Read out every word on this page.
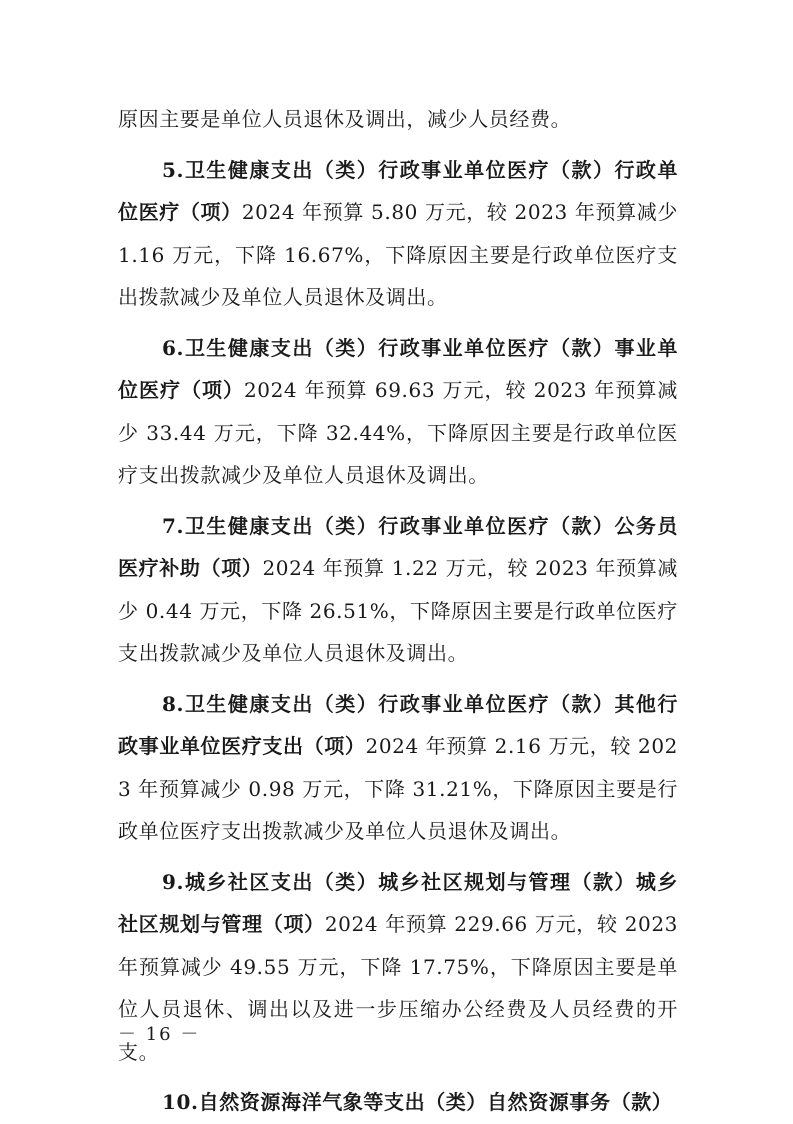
原因主要是单位人员退休及调出，减少人员经费。

5.卫生健康支出（类）行政事业单位医疗（款）行政单位医疗（项）2024 年预算 5.80 万元，较 2023 年预算减少 1.16 万元，下降 16.67%，下降原因主要是行政单位医疗支出拨款减少及单位人员退休及调出。

6.卫生健康支出（类）行政事业单位医疗（款）事业单位医疗（项）2024 年预算 69.63 万元，较 2023 年预算减少 33.44 万元，下降 32.44%，下降原因主要是行政单位医疗支出拨款减少及单位人员退休及调出。

7.卫生健康支出（类）行政事业单位医疗（款）公务员医疗补助（项）2024 年预算 1.22 万元，较 2023 年预算减少 0.44 万元，下降 26.51%，下降原因主要是行政单位医疗支出拨款减少及单位人员退休及调出。

8.卫生健康支出（类）行政事业单位医疗（款）其他行政事业单位医疗支出（项）2024 年预算 2.16 万元，较 2023 年预算减少 0.98 万元，下降 31.21%，下降原因主要是行政单位医疗支出拨款减少及单位人员退休及调出。

9.城乡社区支出（类）城乡社区规划与管理（款）城乡社区规划与管理（项）2024 年预算 229.66 万元，较 2023 年预算减少 49.55 万元，下降 17.75%，下降原因主要是单位人员退休、调出以及进一步压缩办公经费及人员经费的开支。

10.自然资源海洋气象等支出（类）自然资源事务（款）

－ 16 －
